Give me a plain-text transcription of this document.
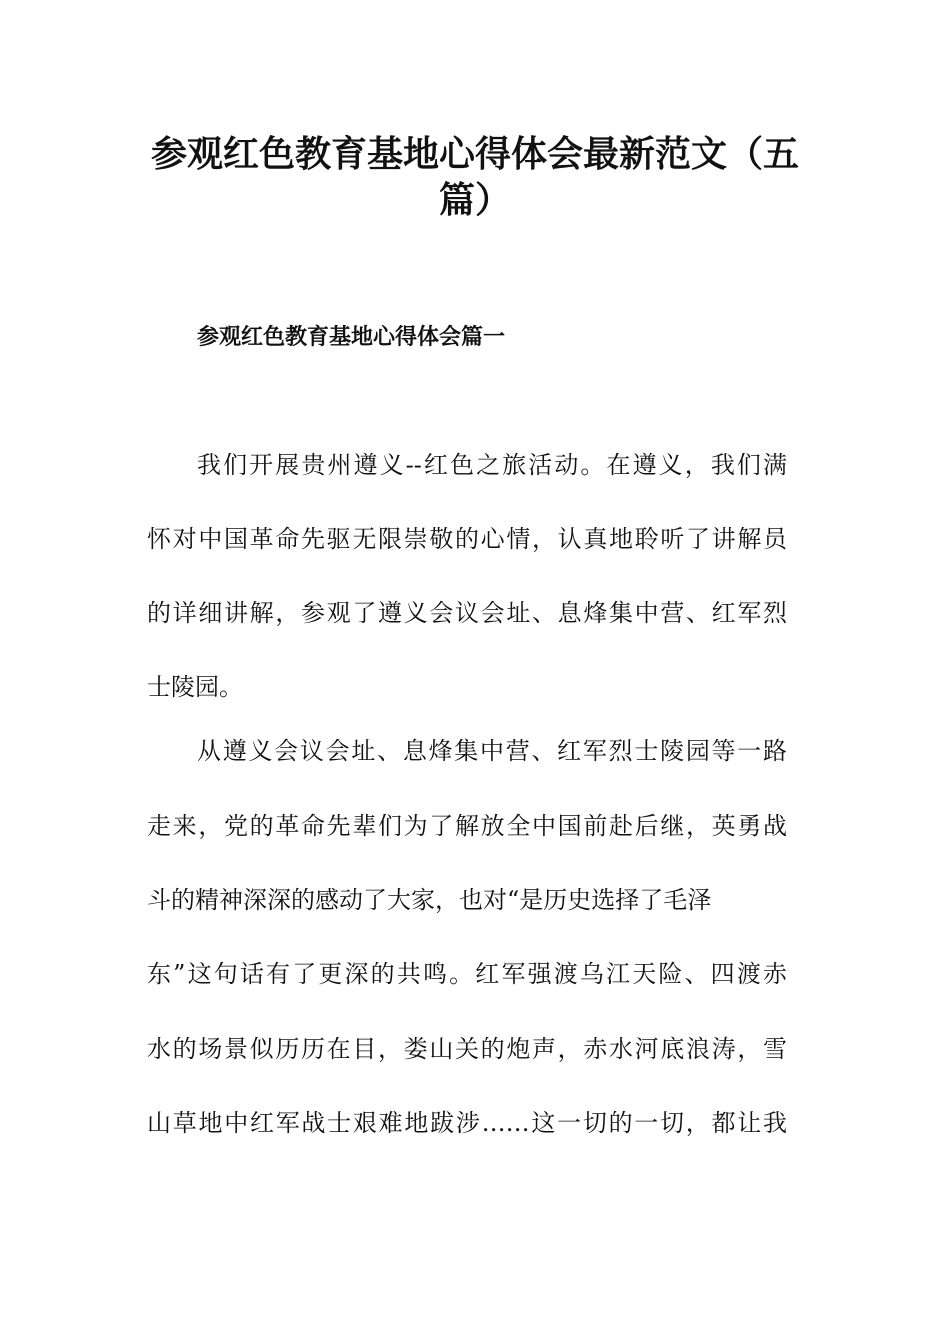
参观红色教育基地心得体会最新范文（五
篇）
参观红色教育基地心得体会篇一
我们开展贵州遵义--红色之旅活动。在遵义，我们满
怀对中国革命先驱无限崇敬的心情，认真地聆听了讲解员
的详细讲解，参观了遵义会议会址、息烽集中营、红军烈
士陵园。
从遵义会议会址、息烽集中营、红军烈士陵园等一路
走来，党的革命先辈们为了解放全中国前赴后继，英勇战
斗的精神深深的感动了大家，也对“是历史选择了毛泽
东”这句话有了更深的共鸣。红军强渡乌江天险、四渡赤
水的场景似历历在目，娄山关的炮声，赤水河底浪涛，雪
山草地中红军战士艰难地跋涉……这一切的一切，都让我
